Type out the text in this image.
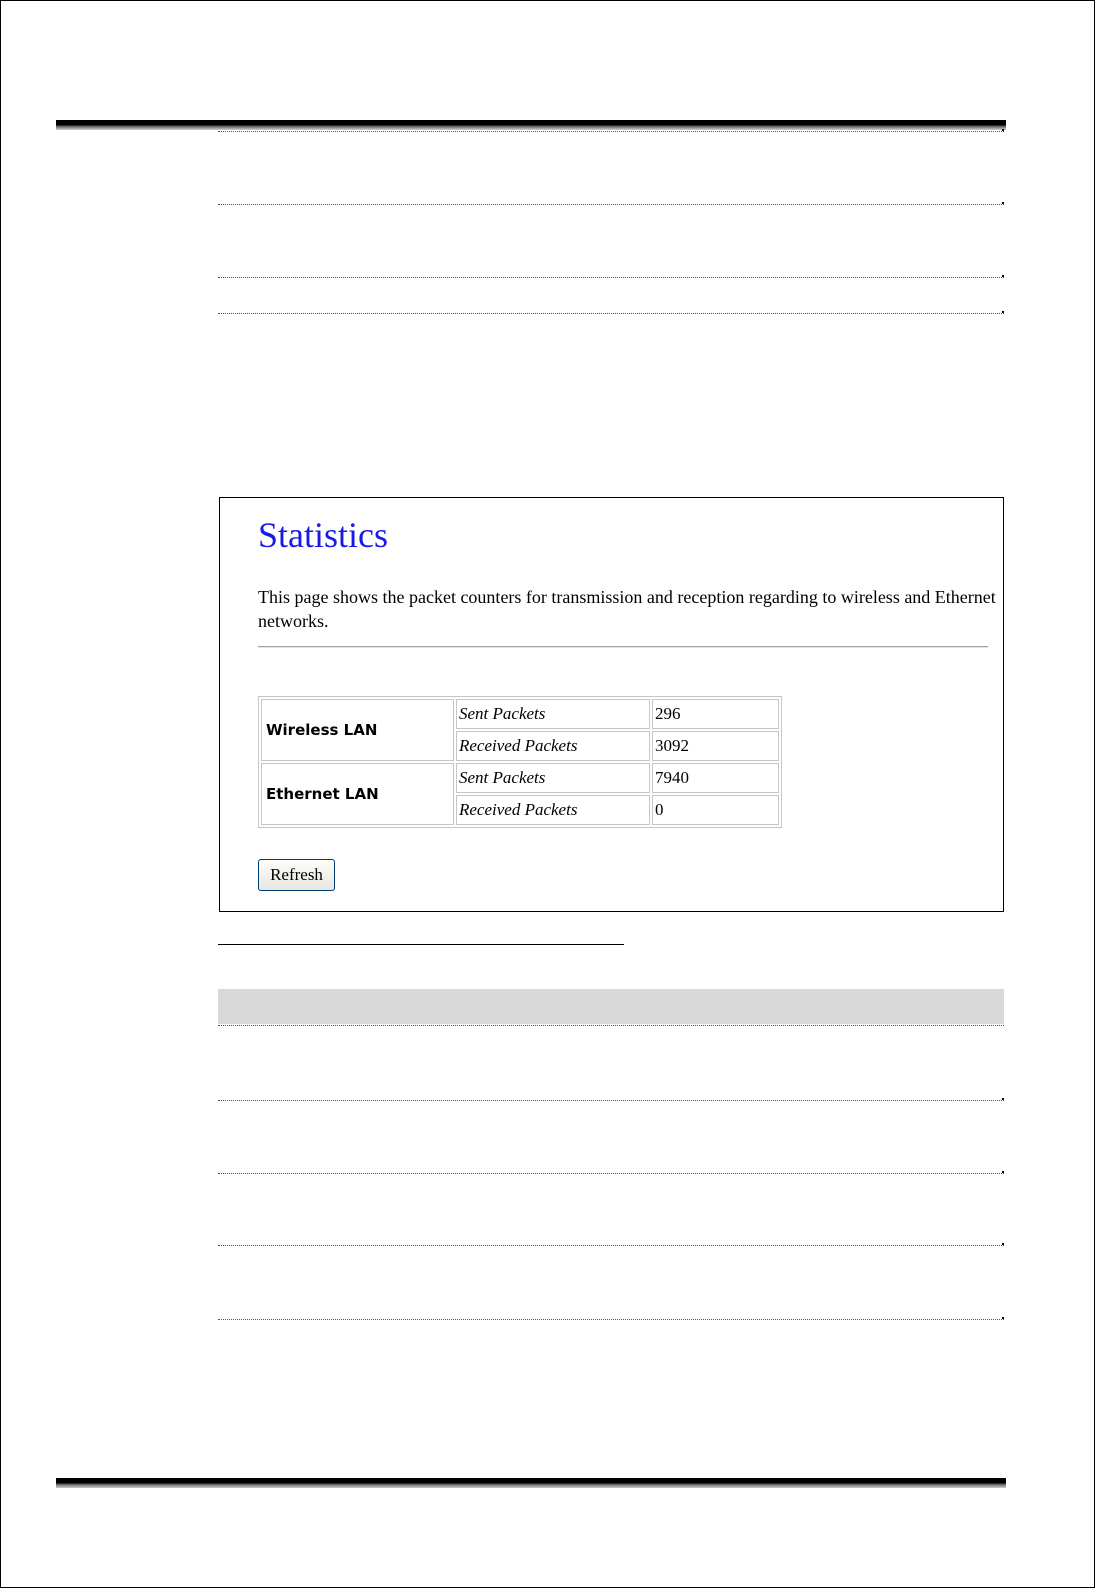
Statistics

This page shows the packet counters for transmission and reception regarding to wireless and Ethernet networks.

Wireless LAN	Sent Packets	296
	Received Packets	3092
Ethernet LAN	Sent Packets	7940
	Received Packets	0
Refresh
